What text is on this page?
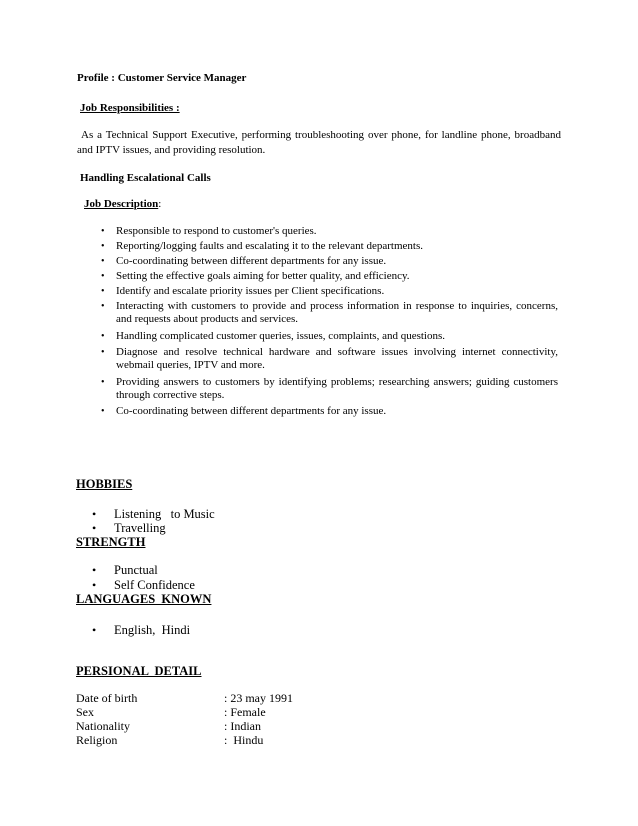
Profile : Customer Service Manager
Job Responsibilities :
As a Technical Support Executive, performing troubleshooting over phone, for landline phone, broadband and IPTV issues, and providing resolution.
Handling Escalational Calls
Job Description:
• Responsible to respond to customer's queries.
• Reporting/logging faults and escalating it to the relevant departments.
• Co-coordinating between different departments for any issue.
• Setting the effective goals aiming for better quality, and efficiency.
• Identify and escalate priority issues per Client specifications.
• Interacting with customers to provide and process information in response to inquiries, concerns, and requests about products and services.
• Handling complicated customer queries, issues, complaints, and questions.
• Diagnose and resolve technical hardware and software issues involving internet connectivity, webmail queries, IPTV and more.
• Providing answers to customers by identifying problems; researching answers; guiding customers through corrective steps.
• Co-coordinating between different departments for any issue.
HOBBIES
• Listening   to Music
• Travelling
STRENGTH
• Punctual
• Self Confidence
LANGUAGES  KNOWN
• English,  Hindi
PERSIONAL  DETAIL
Date of birth	: 23 may 1991
Sex	: Female
Nationality	: Indian
Religion	:  Hindu
